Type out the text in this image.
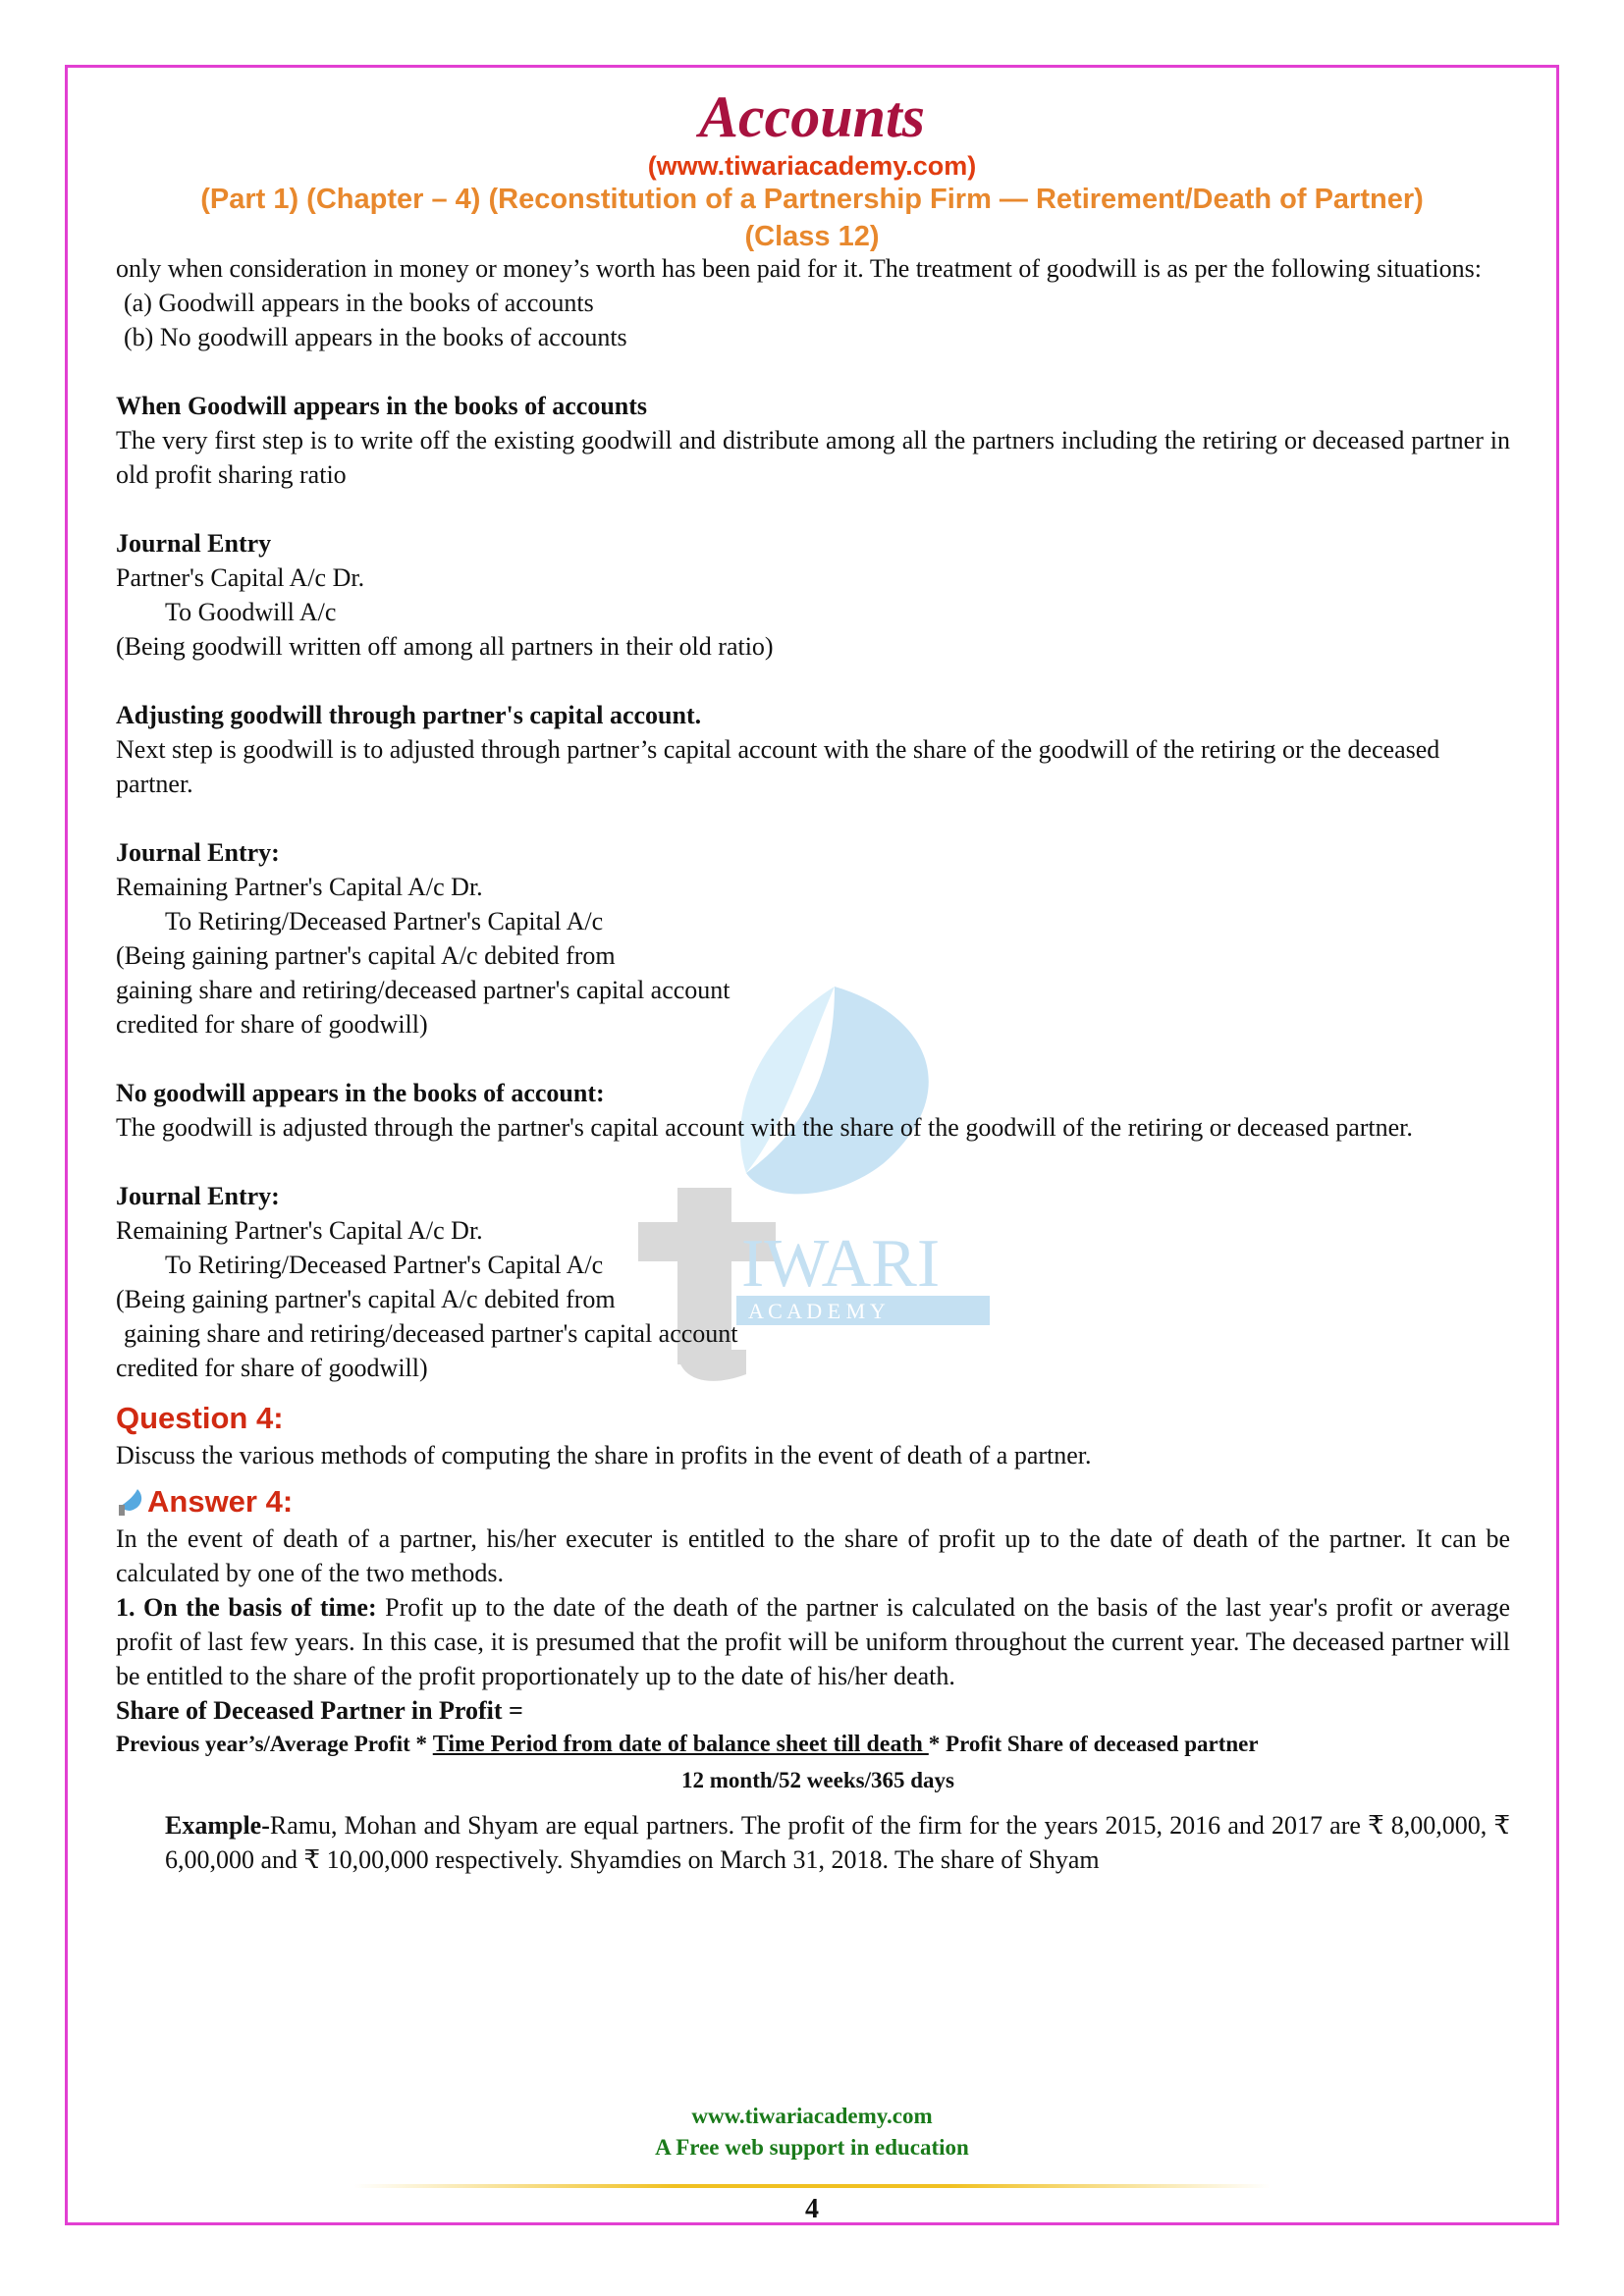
IWARI
A C A D E M Y
Accounts
(www.tiwariacademy.com)
(Part 1) (Chapter – 4) (Reconstitution of a Partnership Firm — Retirement/Death of Partner)
(Class 12)

only when consideration in money or money’s worth has been paid for it. The treatment of goodwill is as per the following situations:

(a) Goodwill appears in the books of accounts

(b) No goodwill appears in the books of accounts

When Goodwill appears in the books of accounts

The very first step is to write off the existing goodwill and distribute among all the partners including the retiring or deceased partner in old profit sharing ratio

Journal Entry

Partner's Capital A/c Dr.

To Goodwill A/c

(Being goodwill written off among all partners in their old ratio)

Adjusting goodwill through partner's capital account.

Next step is goodwill is to adjusted through partner’s capital account with the share of the goodwill of the retiring or the deceased partner.

Journal Entry:

Remaining Partner's Capital A/c Dr.

To Retiring/Deceased Partner's Capital A/c

(Being gaining partner's capital A/c debited from

gaining share and retiring/deceased partner's capital account

credited for share of goodwill)

No goodwill appears in the books of account:

The goodwill is adjusted through the partner's capital account with the share of the goodwill of the retiring or deceased partner.

Journal Entry:

Remaining Partner's Capital A/c Dr.

To Retiring/Deceased Partner's Capital A/c

(Being gaining partner's capital A/c debited from

gaining share and retiring/deceased partner's capital account

credited for share of goodwill)

Question 4:

Discuss the various methods of computing the share in profits in the event of death of a partner.

Answer 4:

In the event of death of a partner, his/her executer is entitled to the share of profit up to the date of death of the partner. It can be calculated by one of the two methods.

1. On the basis of time: Profit up to the date of the death of the partner is calculated on the basis of the last year's profit or average profit of last few years. In this case, it is presumed that the profit will be uniform throughout the current year. The deceased partner will be entitled to the share of the profit proportionately up to the date of his/her death.

Share of Deceased Partner in Profit =

Previous year’s/Average Profit * Time Period from date of balance sheet till death * Profit Share of deceased partner

12 month/52 weeks/365 days

Example-Ramu, Mohan and Shyam are equal partners. The profit of the firm for the years 2015, 2016 and 2017 are ₹ 8,00,000, ₹ 6,00,000 and ₹ 10,00,000 respectively. Shyamdies on March 31, 2018. The share of Shyam

www.tiwariacademy.com
A Free web support in education
4
